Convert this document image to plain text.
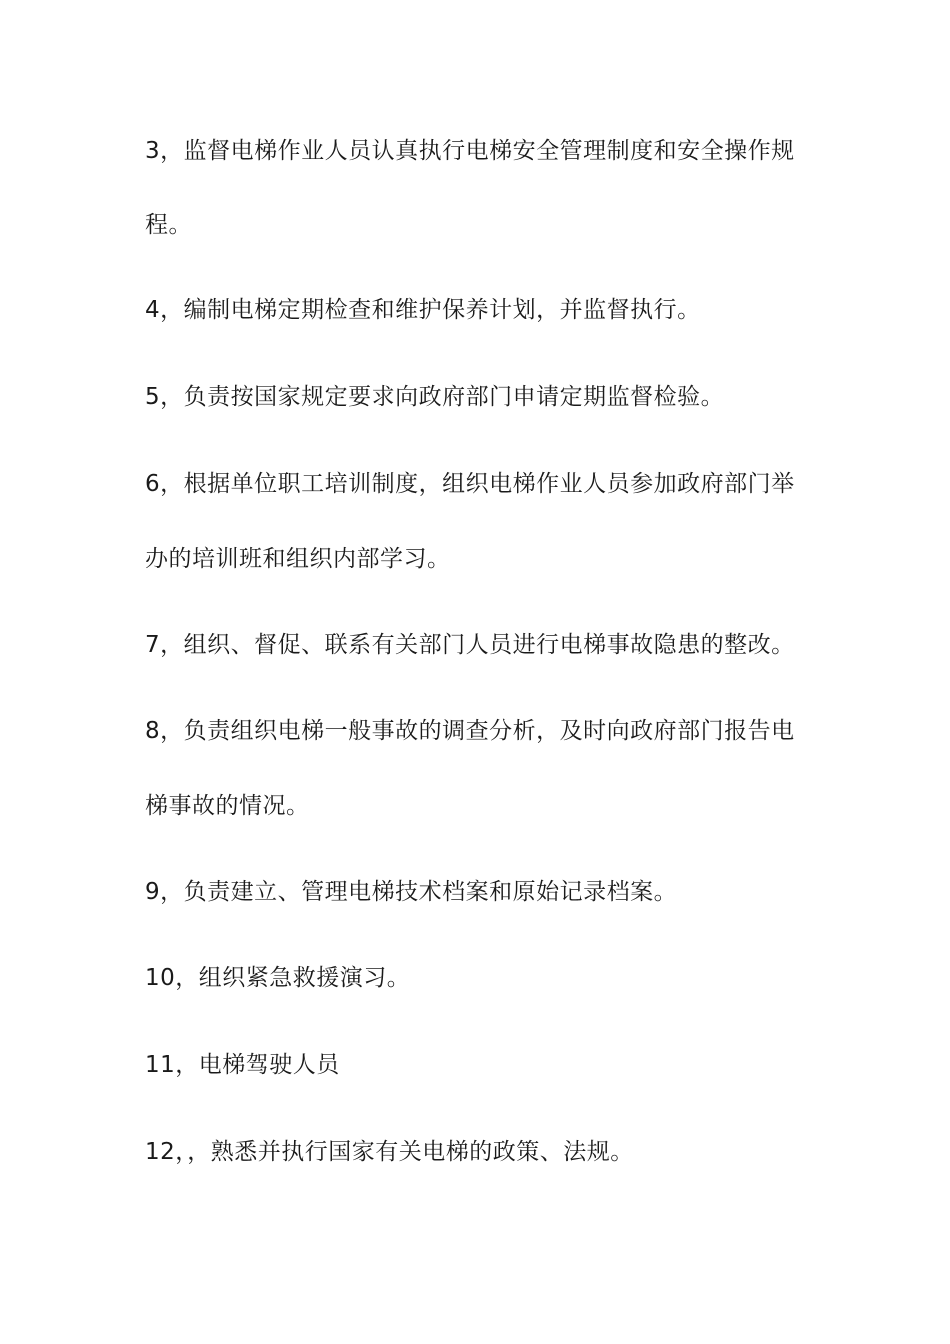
3，监督电梯作业人员认真执行电梯安全管理制度和安全操作规
程。
4，编制电梯定期检查和维护保养计划，并监督执行。
5，负责按国家规定要求向政府部门申请定期监督检验。
6，根据单位职工培训制度，组织电梯作业人员参加政府部门举
办的培训班和组织内部学习。
7，组织、督促、联系有关部门人员进行电梯事故隐患的整改。
8，负责组织电梯一般事故的调查分析，及时向政府部门报告电
梯事故的情况。
9，负责建立、管理电梯技术档案和原始记录档案。
10，组织紧急救援演习。
11，电梯驾驶人员
12，，熟悉并执行国家有关电梯的政策、法规。
